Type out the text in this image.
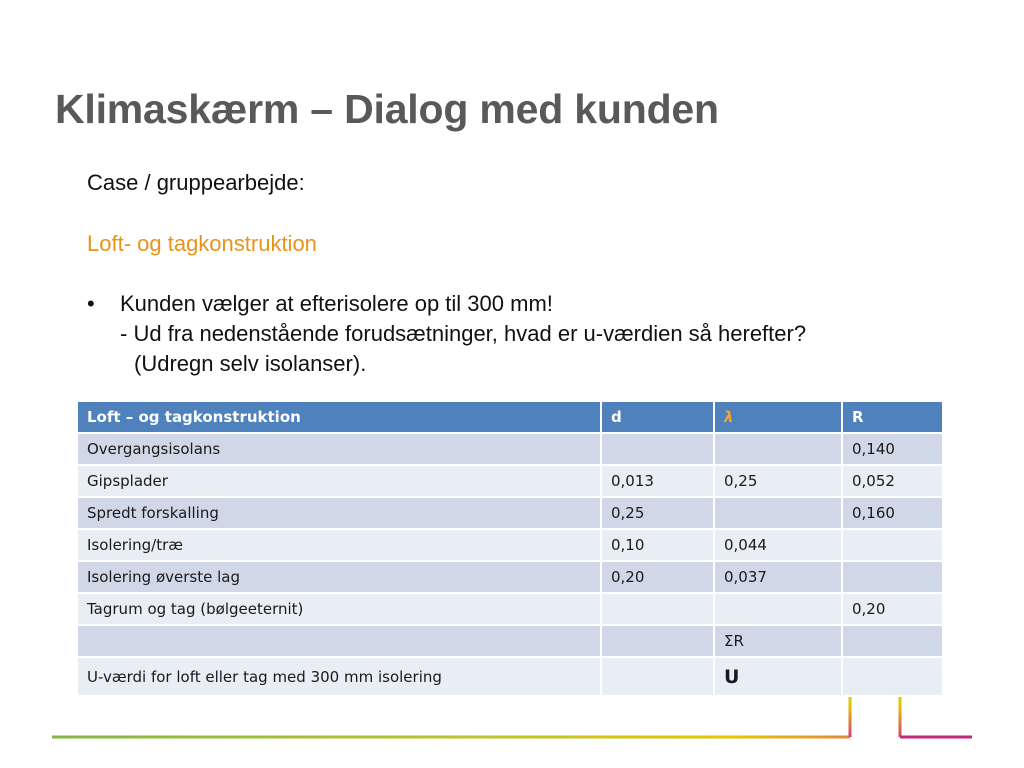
Klimaskærm – Dialog med kunden
Case / gruppearbejde:
Loft- og tagkonstruktion
• Kunden vælger at efterisolere op til 300 mm!
- Ud fra nedenstående forudsætninger, hvad er u-værdien så herefter?
(Udregn selv isolanser).
Loft – og tagkonstruktion	d	λ	R
Overgangsisolans			0,140
Gipsplader	0,013	0,25	0,052
Spredt forskalling	0,25		0,160
Isolering/træ	0,10	0,044	
Isolering øverste lag	0,20	0,037	
Tagrum og tag (bølgeeternit)			0,20
		ΣR	
U-værdi for loft eller tag med 300 mm isolering		U	
